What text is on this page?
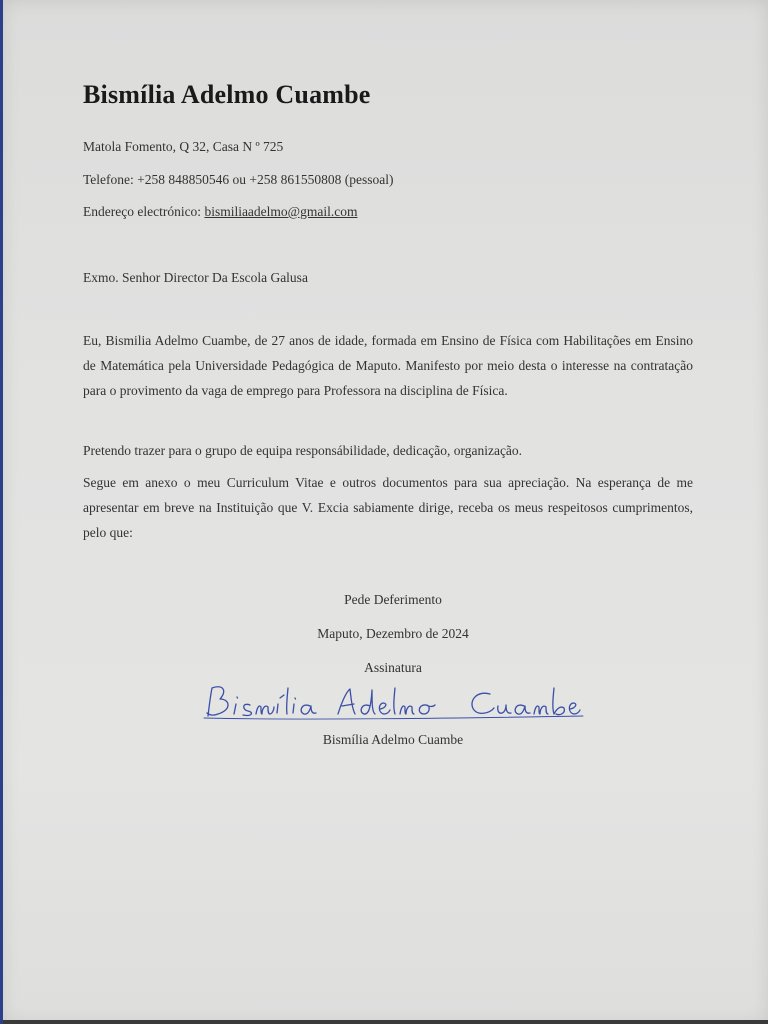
Bismília Adelmo Cuambe
Matola Fomento, Q 32, Casa N º 725
Telefone: +258 848850546 ou +258 861550808 (pessoal)
Endereço electrónico: bismiliaadelmo@gmail.com
Exmo. Senhor Director Da Escola Galusa
Eu, Bismilia Adelmo Cuambe, de 27 anos de idade, formada em Ensino de Física com Habilitações em Ensino de Matemática pela Universidade Pedagógica de Maputo. Manifesto por meio desta o interesse na contratação para o provimento da vaga de emprego para Professora na disciplina de Física.
Pretendo trazer para o grupo de equipa responsábilidade, dedicação, organização.
Segue em anexo o meu Curriculum Vitae e outros documentos para sua apreciação. Na esperança de me apresentar em breve na Instituição que V. Excia sabiamente dirige, receba os meus respeitosos cumprimentos, pelo que:
Pede Deferimento
Maputo, Dezembro de 2024
Assinatura
Bismília Adelmo Cuambe
